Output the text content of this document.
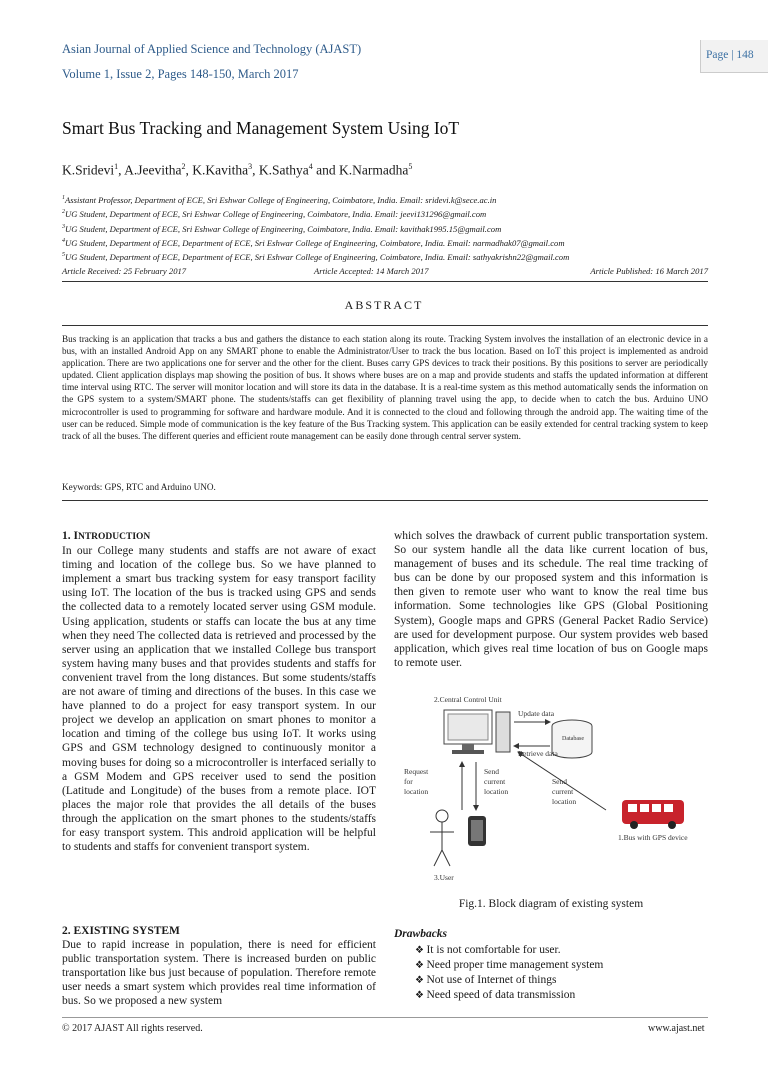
Asian Journal of Applied Science and Technology (AJAST)
Volume 1, Issue 2, Pages 148-150, March 2017
Page | 148
Smart Bus Tracking and Management System Using IoT
K.Sridevi$^1$, A.Jeevitha$^2$, K.Kavitha$^3$, K.Sathya$^4$ and K.Narmadha$^5$
$^1$Assistant Professor, Department of ECE, Sri Eshwar College of Engineering, Coimbatore, India. Email: sridevi.k@sece.ac.in
$^2$UG Student, Department of ECE, Sri Eshwar College of Engineering, Coimbatore, India. Email: jeevi131296@gmail.com
$^3$UG Student, Department of ECE, Sri Eshwar College of Engineering, Coimbatore, India. Email: kavithak1995.15@gmail.com
$^4$UG Student, Department of ECE, Department of ECE, Sri Eshwar College of Engineering, Coimbatore, India. Email: narmadhak07@gmail.com
$^5$UG Student, Department of ECE, Department of ECE, Sri Eshwar College of Engineering, Coimbatore, India. Email: sathyakrishn22@gmail.com
Article Received: 25 February 2017	Article Accepted: 14 March 2017	Article Published: 16 March 2017
ABSTRACT
Bus tracking is an application that tracks a bus and gathers the distance to each station along its route. Tracking System involves the installation of an electronic device in a bus, with an installed Android App on any SMART phone to enable the Administrator/User to track the bus location. Based on IoT this project is implemented as android application. There are two applications one for server and the other for the client. Buses carry GPS devices to track their positions. By this positions to server are periodically updated. Client application displays map showing the position of bus. It shows where buses are on a map and provide students and staffs the updated information at different time interval using RTC. The server will monitor location and will store its data in the database. It is a real-time system as this method automatically sends the information on the GPS system to a system/SMART phone. The students/staffs can get flexibility of planning travel using the app, to decide when to catch the bus. Arduino UNO microcontroller is used to programming for software and hardware module. And it is connected to the cloud and following through the android app. The waiting time of the user can be reduced. Simple mode of communication is the key feature of the Bus Tracking system. This application can be easily extended for central tracking system to keep track of all the buses. The different queries and efficient route management can be easily done through central server system.
Keywords: GPS, RTC and Arduino UNO.
1. INTRODUCTION
In our College many students and staffs are not aware of exact timing and location of the college bus. So we have planned to implement a smart bus tracking system for easy transport facility using IoT. The location of the bus is tracked using GPS and sends the collected data to a remotely located server using GSM module. Using application, students or staffs can locate the bus at any time when they need The collected data is retrieved and processed by the server using an application that we installed College bus transport system having many buses and that provides students and staffs for convenient travel from the long distances. But some students/staffs are not aware of timing and directions of the buses. In this case we have planned to do a project for easy transport system. In our project we develop an application on smart phones to monitor a location and timing of the college bus using IoT. It works using GPS and GSM technology designed to continuously monitor a moving buses for doing so a microcontroller is interfaced serially to a GSM Modem and GPS receiver used to send the position (Latitude and Longitude) of the buses from a remote place. IOT places the major role that provides the all details of the buses through the application on the smart phones to the students/staffs for easy transport system. This android application will be helpful to students and staffs for convenient transport system.
2. EXISTING SYSTEM
Due to rapid increase in population, there is need for efficient public transportation system. There is increased burden on public transportation like bus just because of population. Therefore remote user needs a smart system which provides real time information of bus. So we proposed a new system
which solves the drawback of current public transportation system. So our system handle all the data like current location of bus, management of buses and its schedule. The real time tracking of bus can be done by our proposed system and this information is then given to remote user who want to know the real time bus information. Some technologies like GPS (Global Positioning System), Google maps and GPRS (General Packet Radio Service) are used for development purpose. Our system provides web based application, which gives real time location of bus on Google maps to remote user.
2.Central Control Unit
Database
Update data
Retrieve data
Request
for
location
Send
current
location
Send
current
location
3.User
1.Bus with GPS device
Fig.1. Block diagram of existing system
Drawbacks
❖ It is not comfortable for user.
❖ Need proper time management system
❖ Not use of Internet of things
❖ Need speed of data transmission
© 2017 AJAST All rights reserved.	www.ajast.net
